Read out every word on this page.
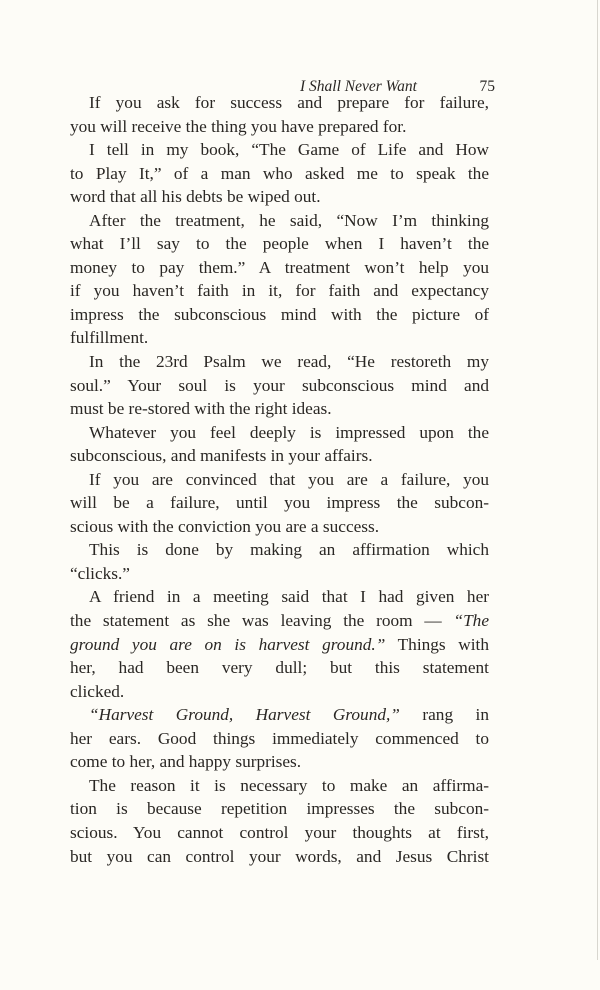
I Shall Never Want	75
If you ask for success and prepare for failure,
you will receive the thing you have prepared for.
I tell in my book, “The Game of Life and How
to Play It,” of a man who asked me to speak the
word that all his debts be wiped out.
After the treatment, he said, “Now I’m thinking
what I’ll say to the people when I haven’t the
money to pay them.” A treatment won’t help you
if you haven’t faith in it, for faith and expectancy
impress the subconscious mind with the picture of
fulfillment.
In the 23rd Psalm we read, “He restoreth my
soul.” Your soul is your subconscious mind and
must be re-stored with the right ideas.
Whatever you feel deeply is impressed upon the
subconscious, and manifests in your affairs.
If you are convinced that you are a failure, you
will be a failure, until you impress the subcon-
scious with the conviction you are a success.
This is done by making an affirmation which
“clicks.”
A friend in a meeting said that I had given her
the statement as she was leaving the room — “The
ground you are on is harvest ground.” Things with
her, had been very dull; but this statement
clicked.
“Harvest Ground, Harvest Ground,” rang in
her ears. Good things immediately commenced to
come to her, and happy surprises.
The reason it is necessary to make an affirma-
tion is because repetition impresses the subcon-
scious. You cannot control your thoughts at first,
but you can control your words, and Jesus Christ
